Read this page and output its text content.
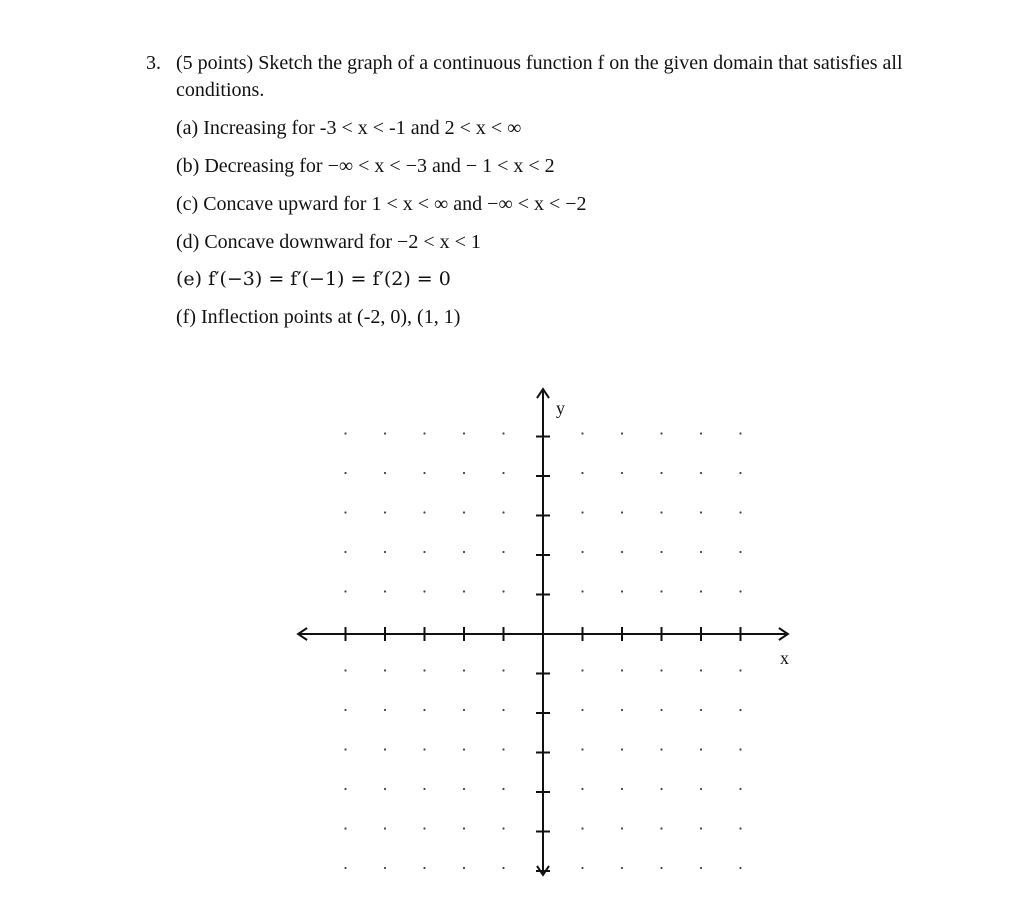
3. (5 points) Sketch the graph of a continuous function f on the given domain that satisfies all conditions.
(a) Increasing for -3 < x < -1 and 2 < x < ∞
(b) Decreasing for −∞ < x < −3 and − 1 < x < 2
(c) Concave upward for 1 < x < ∞ and −∞ < x < −2
(d) Concave downward for −2 < x < 1
(e) f′(−3) = f′(−1) = f′(2) = 0
(f) Inflection points at (-2, 0), (1, 1)
y
x
